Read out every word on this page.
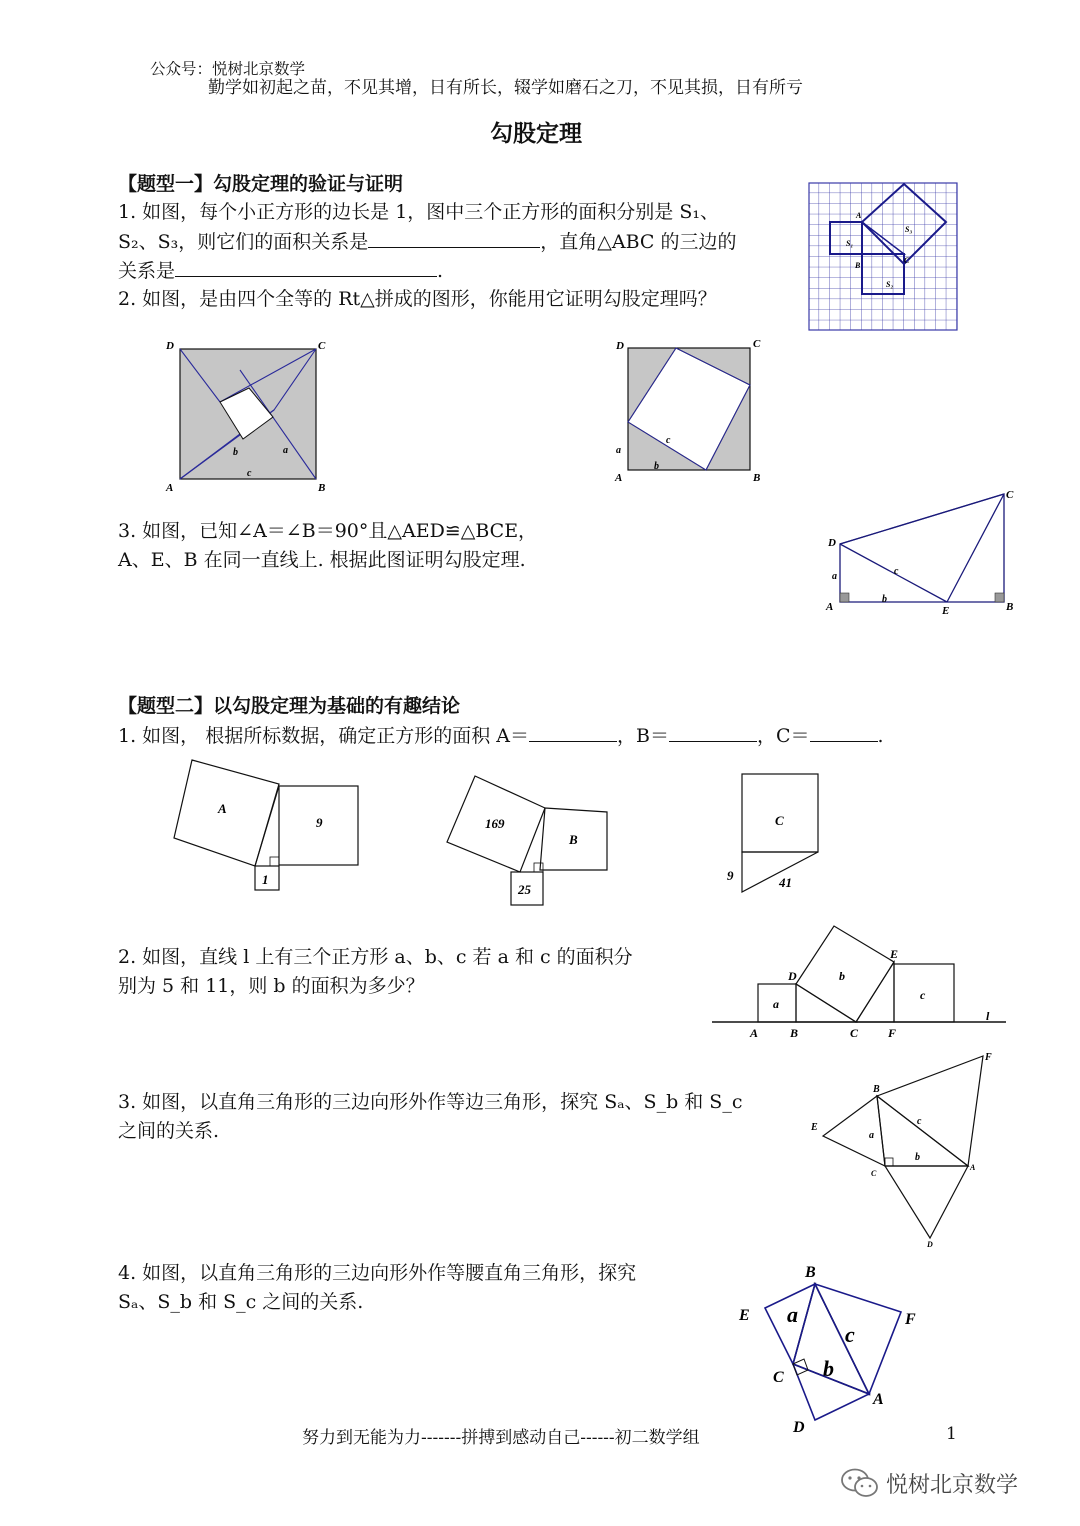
公众号：悦树北京数学
勤学如初起之苗，不见其增，日有所长，辍学如磨石之刀，不见其损，日有所亏
勾股定理
【题型一】勾股定理的验证与证明
1. 如图，每个小正方形的边长是 1，图中三个正方形的面积分别是 S₁、
S₂、S₃，则它们的面积关系是	，直角△ABC 的三边的
关系是	.
2. 如图，是由四个全等的 Rt△拼成的图形，你能用它证明勾股定理吗？
3. 如图，已知∠A＝∠B＝90°且△AED≌△BCE，
A、E、B 在同一直线上. 根据此图证明勾股定理.
【题型二】以勾股定理为基础的有趣结论
1. 如图， 根据所标数据，确定正方形的面积 A＝	，B＝	，C＝	.
2. 如图，直线 l 上有三个正方形 a、b、c 若 a 和 c 的面积分
别为 5 和 11，则 b 的面积为多少？
3. 如图，以直角三角形的三边向形外作等边三角形，探究 Sₐ、S_b 和 S_c
之间的关系.
4. 如图，以直角三角形的三边向形外作等腰直角三角形，探究
Sₐ、S_b 和 S_c 之间的关系.
A
B
C
S₁
S₂
S₃
D	C
A	B
a
b
c
D	C
A	B
a
b
c
D
C
A	E	B
a
b
c
A
9
1
169
B
25
C
9	41
a
b
c
D
E
A	B	C F
l
B
E
F
a
c
b
C
A
D
B
E	F
a
c
b
C
A
D
努力到无能为力-------拼搏到感动自己------初二数学组	1
悦树北京数学
